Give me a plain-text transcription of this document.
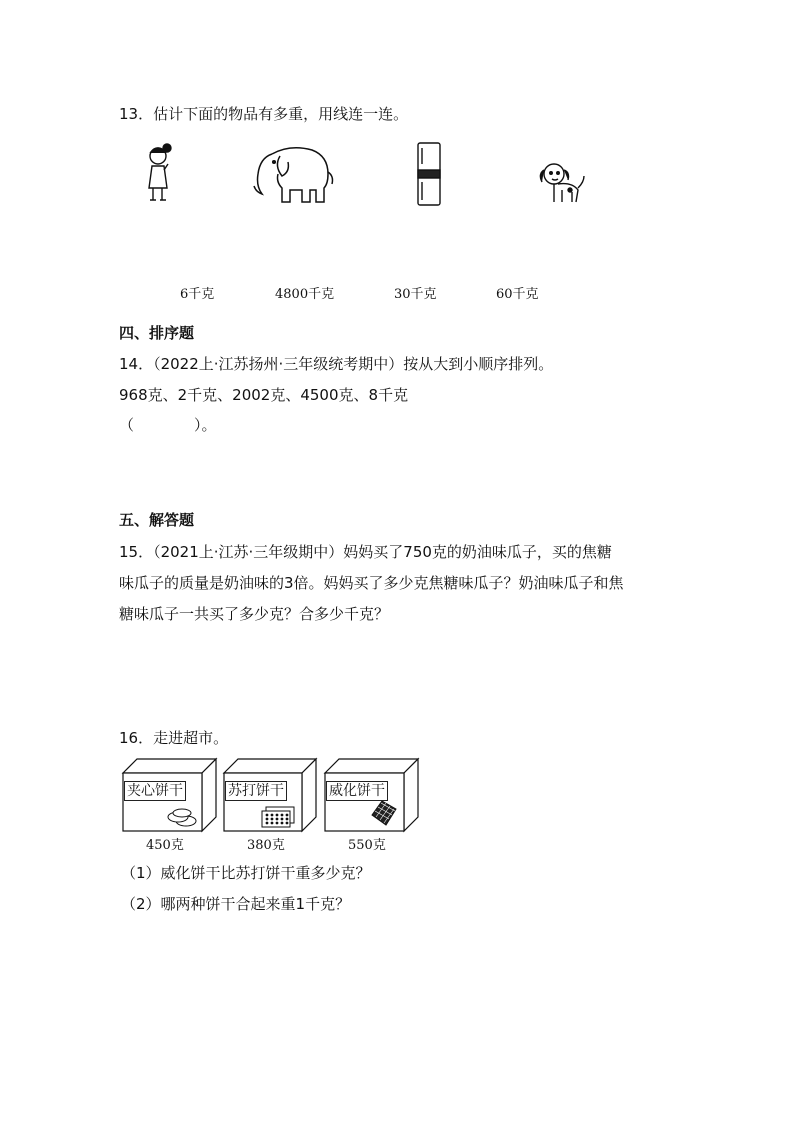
13．估计下面的物品有多重，用线连一连。
6千克	4800千克	30千克	60千克
四、排序题
14．（2022上·江苏扬州·三年级统考期中）按从大到小顺序排列。
968克、2千克、2002克、4500克、8千克
（　　　　）。
五、解答题
15．（2021上·江苏·三年级期中）妈妈买了750克的奶油味瓜子，买的焦糖
味瓜子的质量是奶油味的3倍。妈妈买了多少克焦糖味瓜子？奶油味瓜子和焦
糖味瓜子一共买了多少克？合多少千克？
16．走进超市。
夹心饼干	苏打饼干	威化饼干
450克	380克	550克
（1）威化饼干比苏打饼干重多少克？
（2）哪两种饼干合起来重1千克？
